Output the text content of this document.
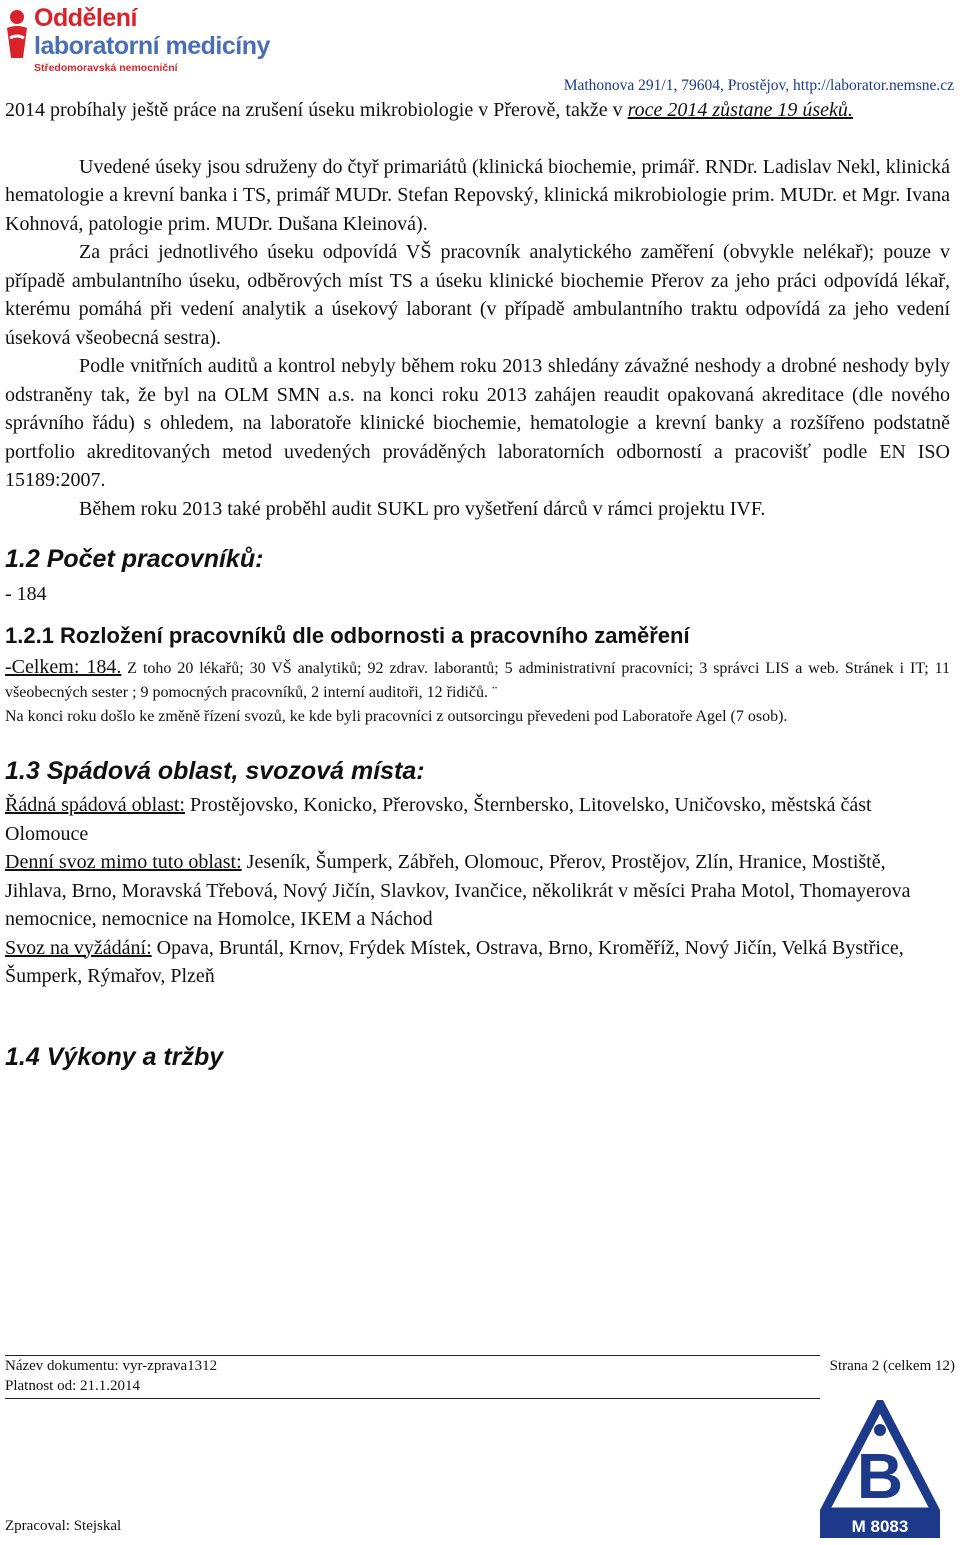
Oddělení
laboratorní medicíny
Středomoravská nemocniční
Mathonova 291/1, 79604, Prostějov, http://laborator.nemsne.cz

2014 probíhaly ještě práce na zrušení úseku mikrobiologie v Přerově, takže v roce 2014 zůstane 19 úseků.

Uvedené úseky jsou sdruženy do čtyř primariátů (klinická biochemie, primář. RNDr. Ladislav Nekl, klinická hematologie a krevní banka i TS, primář MUDr. Stefan Repovský, klinická mikrobiologie prim. MUDr. et Mgr. Ivana Kohnová, patologie prim. MUDr. Dušana Kleinová).

Za práci jednotlivého úseku odpovídá VŠ pracovník analytického zaměření (obvykle nelékař); pouze v případě ambulantního úseku, odběrových míst TS a úseku klinické biochemie Přerov za jeho práci odpovídá lékař, kterému pomáhá při vedení analytik a úsekový laborant (v případě ambulantního traktu odpovídá za jeho vedení úseková všeobecná sestra).

Podle vnitřních auditů a kontrol nebyly během roku 2013 shledány závažné neshody a drobné neshody byly odstraněny tak, že byl na OLM SMN a.s. na konci roku 2013 zahájen reaudit opakovaná akreditace (dle nového správního řádu) s ohledem, na laboratoře klinické biochemie, hematologie a krevní banky a rozšířeno podstatně portfolio akreditovaných metod uvedených prováděných laboratorních odborností a pracovišť podle EN ISO 15189:2007.

Během roku 2013 také proběhl audit SUKL pro vyšetření dárců v rámci projektu IVF.

1.2 Počet pracovníků:

- 184

1.2.1 Rozložení pracovníků dle odbornosti a pracovního zaměření

-Celkem: 184. Z toho 20 lékařů; 30 VŠ analytiků; 92 zdrav. laborantů; 5 administrativní pracovníci; 3 správci LIS a web. Stránek i IT; 11 všeobecných sester ; 9 pomocných pracovníků, 2 interní auditoři, 12 řidičů. ¨

Na konci roku došlo ke změně řízení svozů, ke kde byli pracovníci z outsorcingu převedeni pod Laboratoře Agel (7 osob).

1.3 Spádová oblast, svozová místa:

Řádná spádová oblast: Prostějovsko, Konicko, Přerovsko, Šternbersko, Litovelsko, Uničovsko, městská část Olomouce

Denní svoz mimo tuto oblast: Jeseník, Šumperk, Zábřeh, Olomouc, Přerov, Prostějov, Zlín, Hranice, Mostiště, Jihlava, Brno, Moravská Třebová, Nový Jičín, Slavkov, Ivančice, několikrát v měsíci Praha Motol, Thomayerova nemocnice, nemocnice na Homolce, IKEM a Náchod

Svoz na vyžádání: Opava, Bruntál, Krnov, Frýdek Místek, Ostrava, Brno, Kroměříž, Nový Jičín, Velká Bystřice, Šumperk, Rýmařov, Plzeň

1.4 Výkony a tržby
Název dokumentu: vyr-zprava1312	Strana 2 (celkem 12)
Platnost od: 21.1.2014
Zpracoval: Stejskal
B
M 8083
